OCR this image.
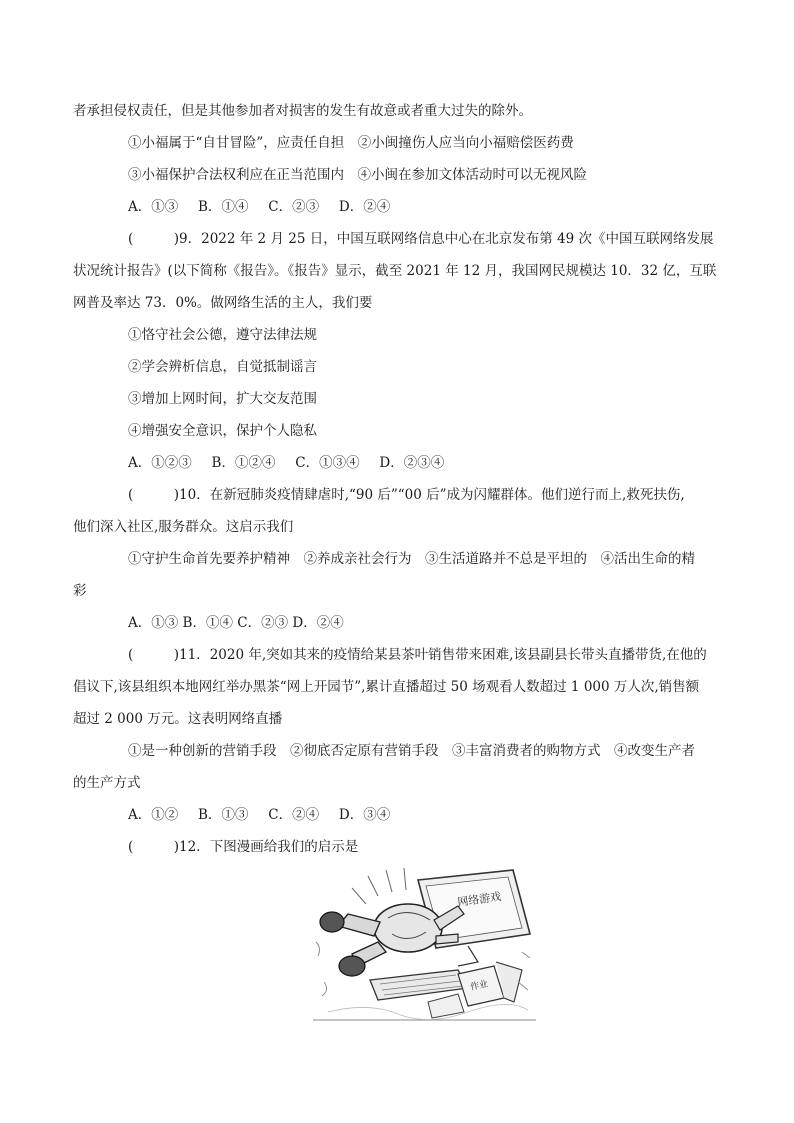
者承担侵权责任，但是其他参加者对损害的发生有故意或者重大过失的除外。
①小福属于“自甘冒险”，应责任自担　②小闽撞伤人应当向小福赔偿医药费
③小福保护合法权利应在正当范围内　④小闽在参加文体活动时可以无视风险
A．①③　 B．①④　 C．②③　 D．②④
(　　　)9．2022 年 2 月 25 日，中国互联网络信息中心在北京发布第 49 次《中国互联网络发展
状况统计报告》(以下简称《报告》。《报告》显示，截至 2021 年 12 月，我国网民规模达 10．32 亿，互联
网普及率达 73．0%。做网络生活的主人，我们要
①恪守社会公德，遵守法律法规
②学会辨析信息，自觉抵制谣言
③增加上网时间，扩大交友范围
④增强安全意识，保护个人隐私
A．①②③　 B．①②④　 C．①③④　 D．②③④
(　　　)10．在新冠肺炎疫情肆虐时,“90 后”“00 后”成为闪耀群体。他们逆行而上,救死扶伤,
他们深入社区,服务群众。这启示我们
①守护生命首先要养护精神　②养成亲社会行为　③生活道路并不总是平坦的　④活出生命的精
彩
A．①③ B．①④ C．②③ D．②④
(　　　)11．2020 年,突如其来的疫情给某县茶叶销售带来困难,该县副县长带头直播带货,在他的
倡议下,该县组织本地网红举办黑茶“网上开园节”,累计直播超过 50 场观看人数超过 1 000 万人次,销售额
超过 2 000 万元。这表明网络直播
①是一种创新的营销手段　②彻底否定原有营销手段　③丰富消费者的购物方式　④改变生产者
的生产方式
A．①②　 B．①③　 C．②④　 D．③④
(　　　)12．下图漫画给我们的启示是
网络游戏
作业
